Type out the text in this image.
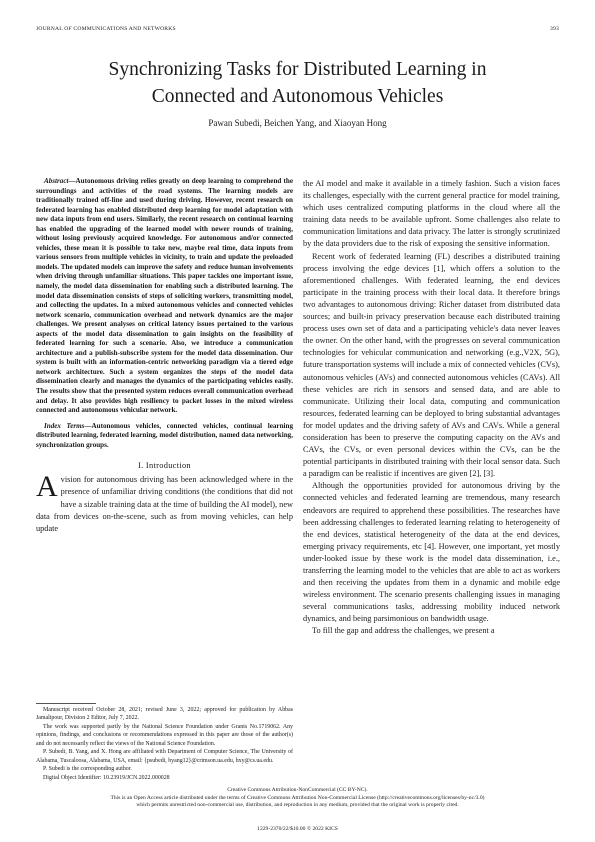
JOURNAL OF COMMUNICATIONS AND NETWORKS	393
Synchronizing Tasks for Distributed Learning in
Connected and Autonomous Vehicles
Pawan Subedi, Beichen Yang, and Xiaoyan Hong

Abstract—Autonomous driving relies greatly on deep learning to comprehend the surroundings and activities of the road systems. The learning models are traditionally trained off-line and used during driving. However, recent research on federated learning has enabled distributed deep learning for model adaptation with new data inputs from end users. Similarly, the recent research on continual learning has enabled the upgrading of the learned model with newer rounds of training, without losing previously acquired knowledge. For autonomous and/or connected vehicles, these mean it is possible to take new, maybe real time, data inputs from various sensors from multiple vehicles in vicinity, to train and update the preloaded models. The updated models can improve the safety and reduce human involvements when driving through unfamiliar situations. This paper tackles one important issue, namely, the model data dissemination for enabling such a distributed learning. The model data dissemination consists of steps of soliciting workers, transmitting model, and collecting the updates. In a mixed autonomous vehicles and connected vehicles network scenario, communication overhead and network dynamics are the major challenges. We present analyses on critical latency issues pertained to the various aspects of the model data dissemination to gain insights on the feasibility of federated learning for such a scenario. Also, we introduce a communication architecture and a publish-subscribe system for the model data dissemination. Our system is built with an information-centric networking paradigm via a tiered edge network architecture. Such a system organizes the steps of the model data dissemination clearly and manages the dynamics of the participating vehicles easily. The results show that the presented system reduces overall communication overhead and delay. It also provides high resiliency to packet losses in the mixed wireless connected and autonomous vehicular network.

Index Terms—Autonomous vehicles, connected vehicles, continual learning distributed learning, federated learning, model distribution, named data networking, synchronization groups.

I. Introduction

Avision for autonomous driving has been acknowledged where in the presence of unfamiliar driving conditions (the conditions that did not have a sizable training data at the time of building the AI model), new data from devices on-the-scene, such as from moving vehicles, can help update

Manuscript received October 28, 2021; revised June 3, 2022; approved for publication by Abbas Jamalipour, Division 2 Editor, July 7, 2022.

The work was supported partly by the National Science Foundation under Grants No.1719062. Any opinions, findings, and conclusions or recommendations expressed in this paper are those of the author(s) and do not necessarily reflect the views of the National Science Foundation.

P. Subedi, B. Yang, and X. Hong are affiliated with Department of Computer Science, The University of Alabama, Tuscaloosa, Alabama, USA, email: {psubedi, byang12}@crimson.ua.edu, hxy@cs.ua.edu.

P. Subedi is the corresponding author.

Digital Object Identifier: 10.23919/JCN.2022.000028

the AI model and make it available in a timely fashion. Such a vision faces its challenges, especially with the current general practice for model training, which uses centralized computing platforms in the cloud where all the training data needs to be available upfront. Some challenges also relate to communication limitations and data privacy. The latter is strongly scrutinized by the data providers due to the risk of exposing the sensitive information.

Recent work of federated learning (FL) describes a distributed training process involving the edge devices [1], which offers a solution to the aforementioned challenges. With federated learning, the end devices participate in the training process with their local data. It therefore brings two advantages to autonomous driving: Richer dataset from distributed data sources; and built-in privacy preservation because each distributed training process uses own set of data and a participating vehicle's data never leaves the owner. On the other hand, with the progresses on several communication technologies for vehicular communication and networking (e.g.,V2X, 5G), future transportation systems will include a mix of connected vehicles (CVs), autonomous vehicles (AVs) and connected autonomous vehicles (CAVs). All these vehicles are rich in sensors and sensed data, and are able to communicate. Utilizing their local data, computing and communication resources, federated learning can be deployed to bring substantial advantages for model updates and the driving safety of AVs and CAVs. While a general consideration has been to preserve the computing capacity on the AVs and CAVs, the CVs, or even personal devices within the CVs, can be the potential participants in distributed training with their local sensor data. Such a paradigm can be realistic if incentives are given [2], [3].

Although the opportunities provided for autonomous driving by the connected vehicles and federated learning are tremendous, many research endeavors are required to apprehend these possibilities. The researches have been addressing challenges to federated learning relating to heterogeneity of the end devices, statistical heterogeneity of the data at the end devices, emerging privacy requirements, etc [4]. However, one important, yet mostly under-looked issue by these work is the model data dissemination, i.e., transferring the learning model to the vehicles that are able to act as workers and then receiving the updates from them in a dynamic and mobile edge wireless environment. The scenario presents challenging issues in managing several communications tasks, addressing mobility induced network dynamics, and being parsimonious on bandwidth usage.

To fill the gap and address the challenges, we present a

Creative Commons Attribution-NonCommercial (CC BY-NC).
This is an Open Access article distributed under the terms of Creative Commons Attribution Non-Commercial License (http://creativecommons.org/licenses/by-nc/3.0)
which permits unrestricted non-commercial use, distribution, and reproduction in any medium, provided that the original work is properly cited.
1229-2370/22/$10.00 © 2022 KICS
